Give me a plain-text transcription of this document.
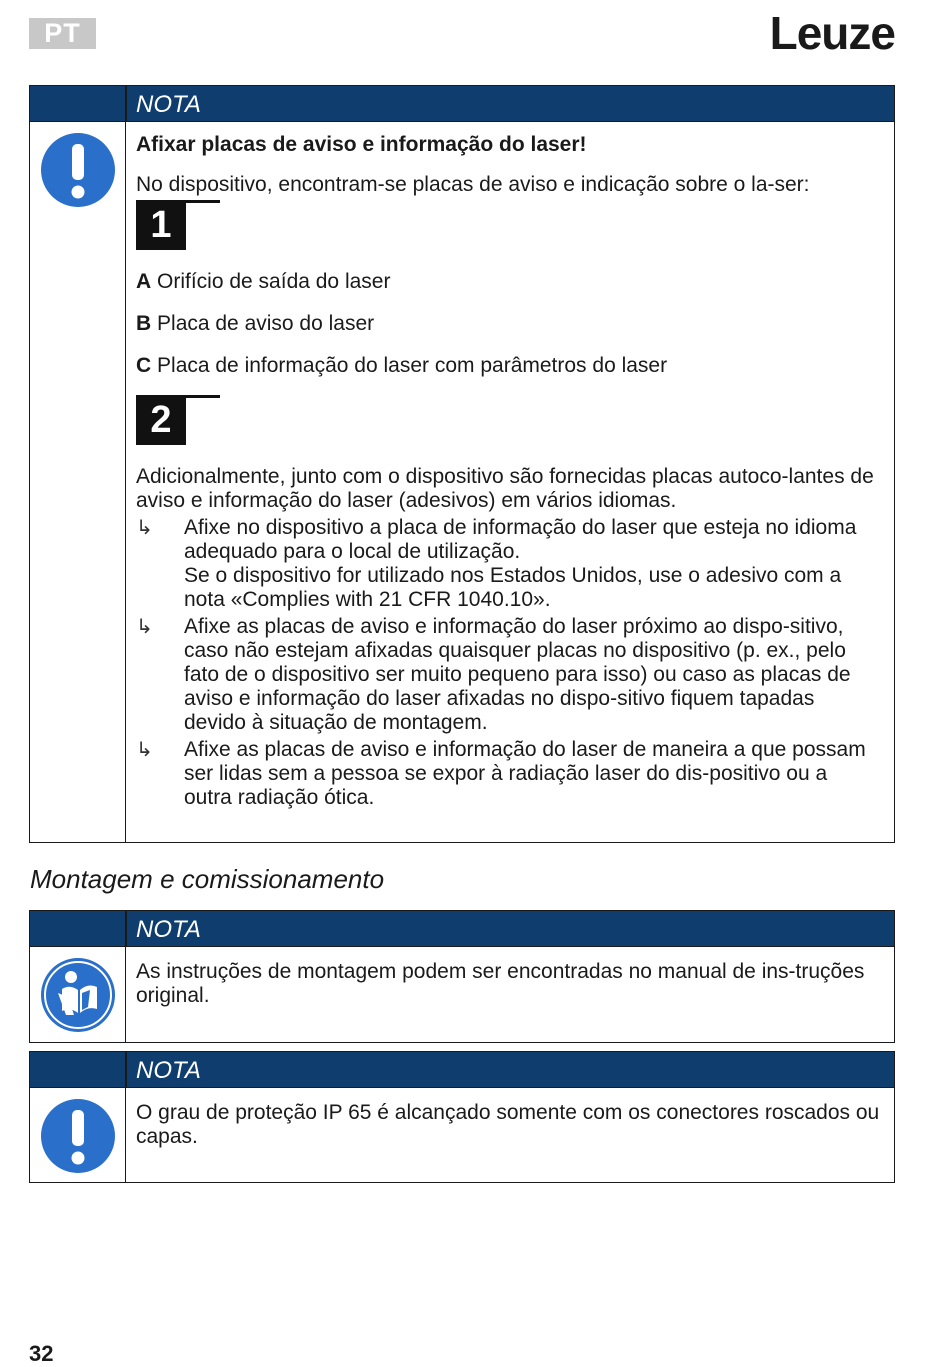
PT	Leuze
NOTA

Afixar placas de aviso e informação do laser!

No dispositivo, encontram-se placas de aviso e indicação sobre o la-ser:

1

A Orifício de saída do laser

B Placa de aviso do laser

C Placa de informação do laser com parâmetros do laser

2

Adicionalmente, junto com o dispositivo são fornecidas placas autoco-lantes de aviso e informação do laser (adesivos) em vários idiomas.

↳ Afixe no dispositivo a placa de informação do laser que esteja no idioma adequado para o local de utilização.
Se o dispositivo for utilizado nos Estados Unidos, use o adesivo com a nota «Complies with 21 CFR 1040.10».

↳ Afixe as placas de aviso e informação do laser próximo ao dispo-sitivo, caso não estejam afixadas quaisquer placas no dispositivo (p. ex., pelo fato de o dispositivo ser muito pequeno para isso) ou caso as placas de aviso e informação do laser afixadas no dispo-sitivo fiquem tapadas devido à situação de montagem.

↳ Afixe as placas de aviso e informação do laser de maneira a que possam ser lidas sem a pessoa se expor à radiação laser do dis-positivo ou a outra radiação ótica.

Montagem e comissionamento
NOTA

As instruções de montagem podem ser encontradas no manual de ins-truções original.

NOTA

O grau de proteção IP 65 é alcançado somente com os conectores roscados ou capas.

32
